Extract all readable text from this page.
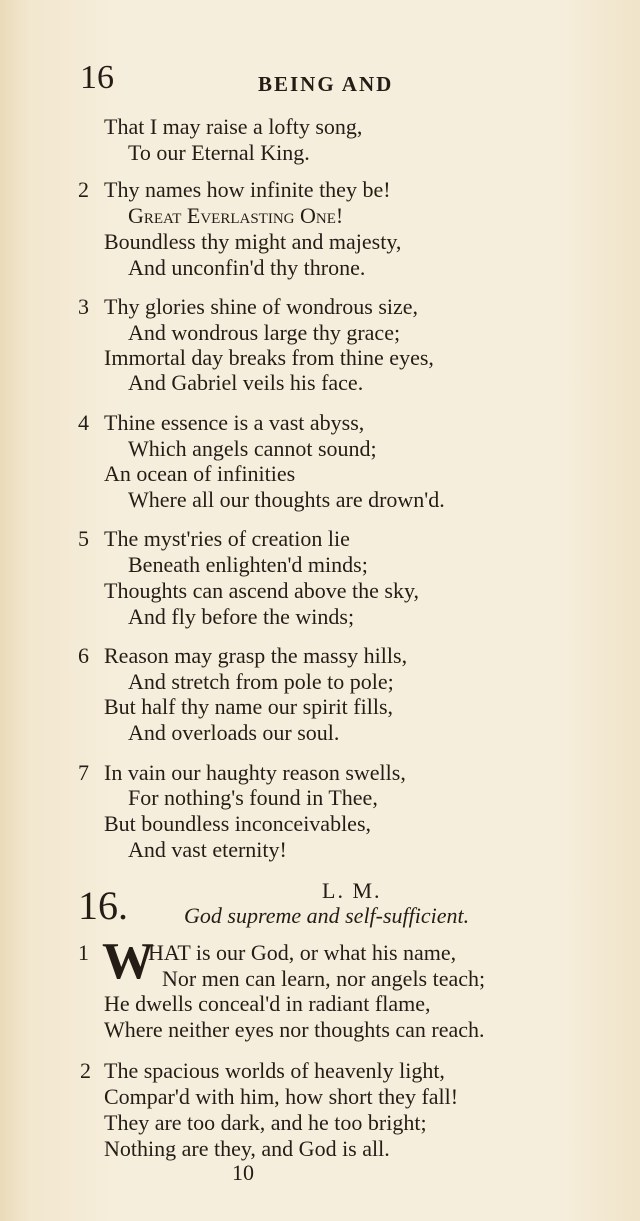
16	BEING AND
That I may raise a lofty song,
To our Eternal King.
2 Thy names how infinite they be!
Great Everlasting One!
Boundless thy might and majesty,
And unconfin'd thy throne.
3 Thy glories shine of wondrous size,
And wondrous large thy grace;
Immortal day breaks from thine eyes,
And Gabriel veils his face.
4 Thine essence is a vast abyss,
Which angels cannot sound;
An ocean of infinities
Where all our thoughts are drown'd.
5 The myst'ries of creation lie
Beneath enlighten'd minds;
Thoughts can ascend above the sky,
And fly before the winds;
6 Reason may grasp the massy hills,
And stretch from pole to pole;
But half thy name our spirit fills,
And overloads our soul.
7 In vain our haughty reason swells,
For nothing's found in Thee,
But boundless inconceivables,
And vast eternity!
16.	L. M.
God supreme and self-sufficient.
1 W
HAT is our God, or what his name,
Nor men can learn, nor angels teach;
He dwells conceal'd in radiant flame,
Where neither eyes nor thoughts can reach.
2 The spacious worlds of heavenly light,
Compar'd with him, how short they fall!
They are too dark, and he too bright;
Nothing are they, and God is all.
10
